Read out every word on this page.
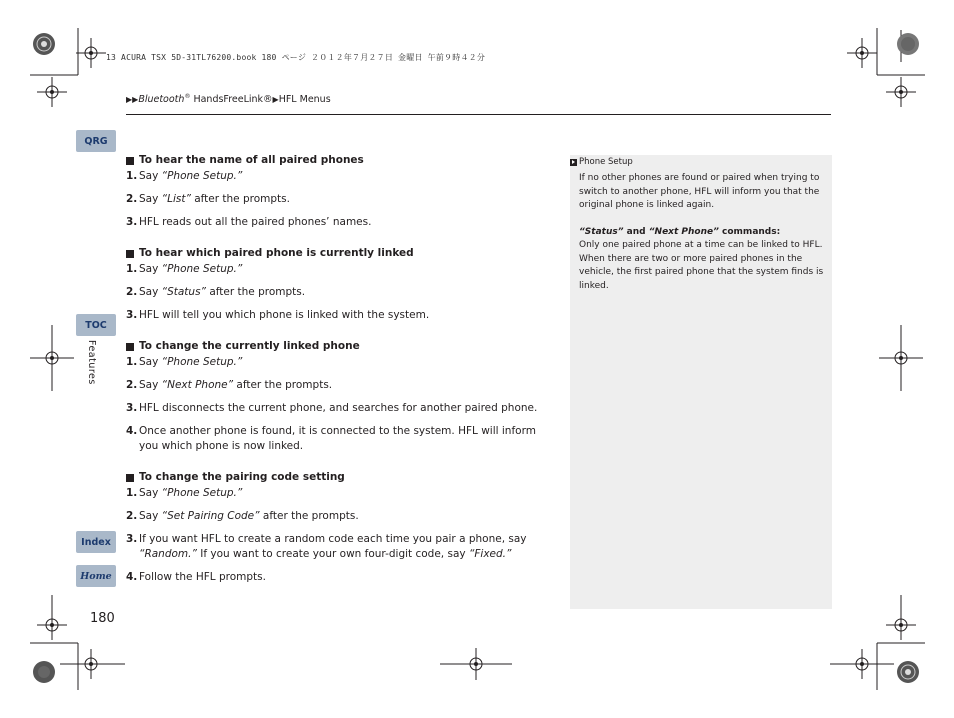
13 ACURA TSX 5D-31TL76200.book 180 ページ ２０１２年７月２７日 金曜日 午前９時４２分
▶▶Bluetooth® HandsFreeLink®▶HFL Menus
QRG
TOC
Features
Index
Home
180
To hear the name of all paired phones
1. Say “Phone Setup.”
2. Say “List” after the prompts.
3. HFL reads out all the paired phones’ names.
To hear which paired phone is currently linked
1. Say “Phone Setup.”
2. Say “Status” after the prompts.
3. HFL will tell you which phone is linked with the system.
To change the currently linked phone
1. Say “Phone Setup.”
2. Say “Next Phone” after the prompts.
3. HFL disconnects the current phone, and searches for another paired phone.
4. Once another phone is found, it is connected to the system. HFL will inform you which phone is now linked.
To change the pairing code setting
1. Say “Phone Setup.”
2. Say “Set Pairing Code” after the prompts.
3. If you want HFL to create a random code each time you pair a phone, say “Random.” If you want to create your own four-digit code, say “Fixed.”
4. Follow the HFL prompts.
Phone Setup

If no other phones are found or paired when trying to switch to another phone, HFL will inform you that the original phone is linked again.

“Status” and “Next Phone” commands:

Only one paired phone at a time can be linked to HFL. When there are two or more paired phones in the vehicle, the first paired phone that the system finds is linked.
